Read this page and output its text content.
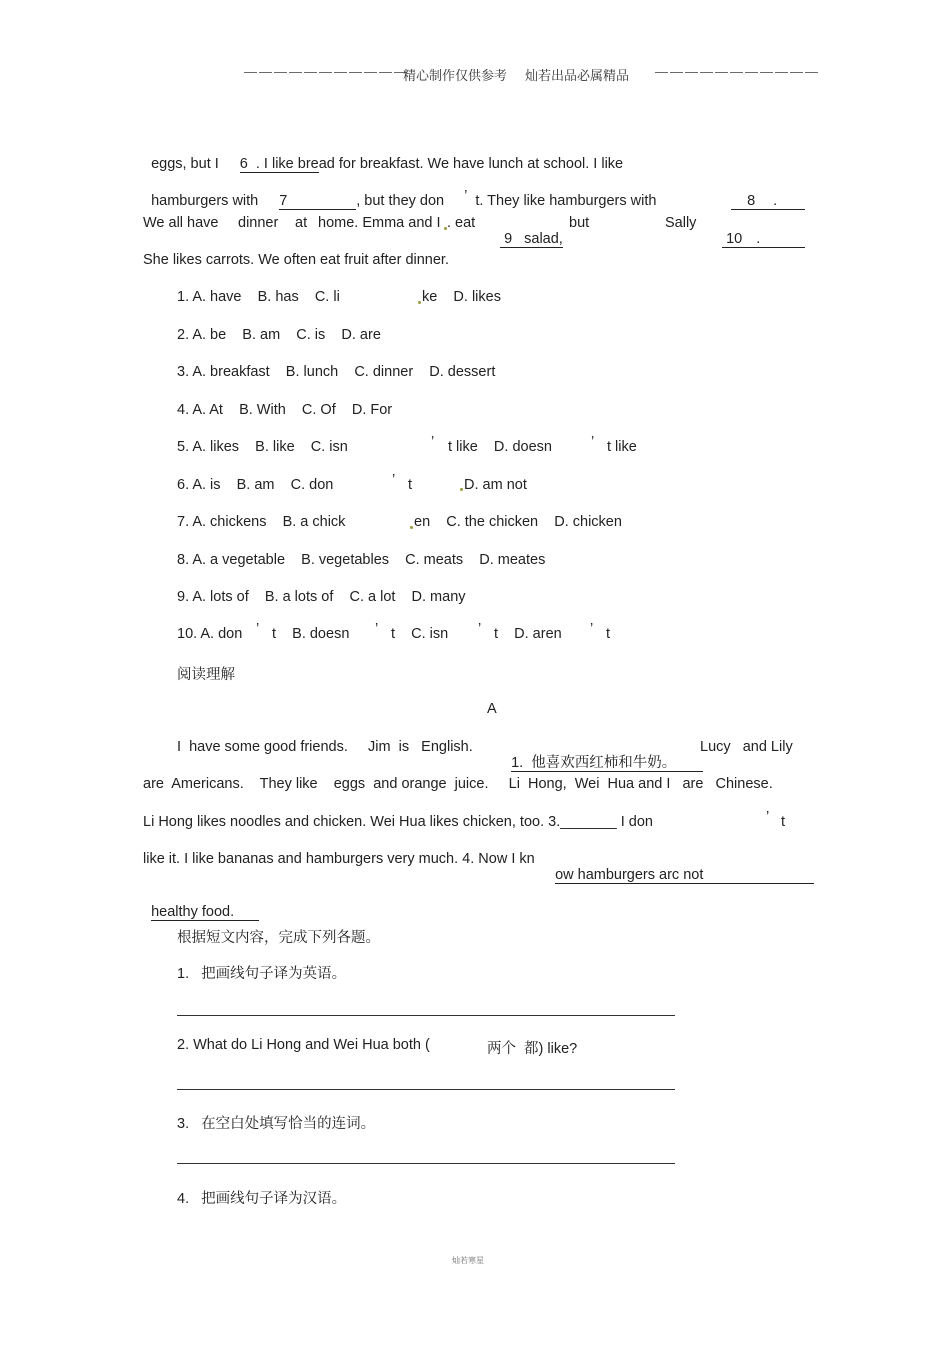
———————————
精心制作仅供参考 灿若出品必属精品 ———————————

eggs, but I 6 . I like bread for breakfast. We have lunch at school. I like

hamburgers with 7	, but they don ’ t. They like hamburgers with	8 .

We all have dinner at home. Emma and I . eat

9 salad,

but	Sally

10 .

She likes carrots. We often eat fruit after dinner.
1. A. have    B. has    C. li	ke    D. likes
2. A. be    B. am    C. is    D. are
3. A. breakfast    B. lunch    C. dinner    D. dessert
4. A. At    B. With    C. Of    D. For
5. A. likes    B. like    C. isn	’ t like    D. doesn	’ t like
6. A. is    B. am    C. don	’ t	D. am not
7. A. chickens    B. a chick	en    C. the chicken    D. chicken
8. A. a vegetable    B. vegetables    C. meats    D. meates
9. A. lots of    B. a lots of    C. a lot    D. many
10. A. don ’ t    B. doesn ’ t    C. isn ’ t    D. aren ’ t
阅读理解
A
I  have some good friends.     Jim  is   English.

1.  他喜欢西红柿和牛奶。

Lucy   and Lily
are  Americans.    They like    eggs  and orange  juice.     Li  Hong,  Wei  Hua and I   are   Chinese.
Li Hong likes noodles and chicken. Wei Hua likes chicken, too. 3._______ I don	’ t
like it. I like bananas and hamburgers very much. 4. Now I kn

ow hamburgers arc not

healthy food.

根据短文内容，完成下列各题。
1.   把画线句子译为英语。
2. What do Li Hong and Wei Hua both (	两个  都) like?
3.   在空白处填写恰当的连词。
4.   把画线句子译为汉语。
灿若寒星
